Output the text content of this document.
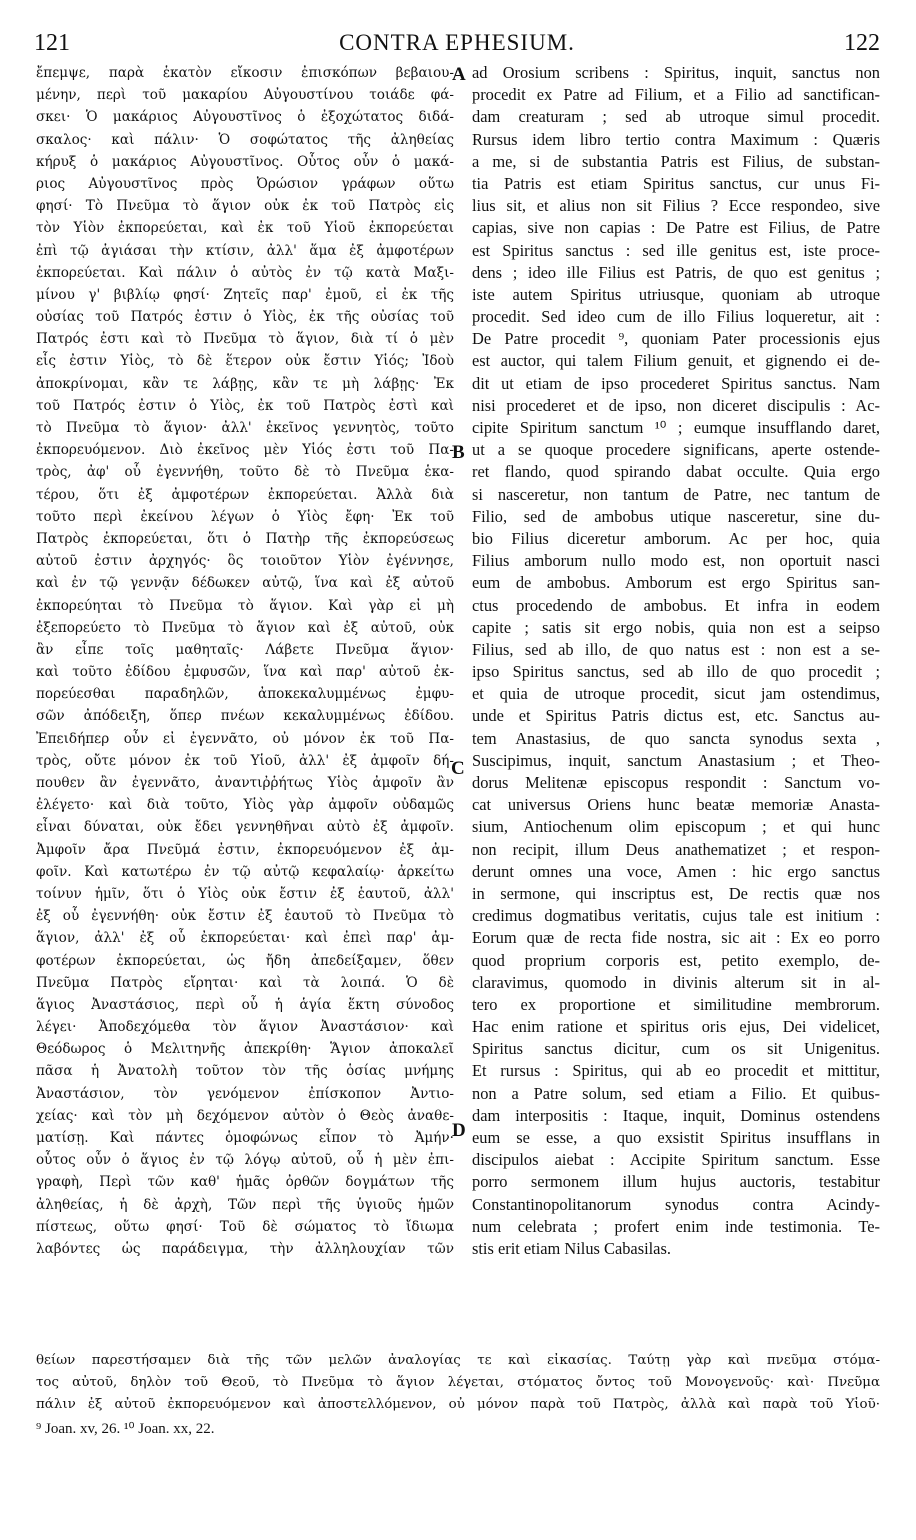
121	CONTRA EPHESIUM.	122
ἔπεμψε, παρὰ ἑκατὸν εἴκοσιν ἐπισκόπων βεβαιου-
μένην, περὶ τοῦ μακαρίου Αὐγουστίνου τοιάδε φά-
σκει· Ὁ μακάριος Αὐγουστῖνος ὁ ἐξοχώτατος διδά-
σκαλος· καὶ πάλιν· Ὁ σοφώτατος τῆς ἀληθείας
κήρυξ ὁ μακάριος Αὐγουστῖνος. Οὗτος οὖν ὁ μακά-
ριος Αὐγουστῖνος πρὸς Ὀρώσιον γράφων οὕτω
φησί· Τὸ Πνεῦμα τὸ ἅγιον οὐκ ἐκ τοῦ Πατρὸς εἰς
τὸν Υἱὸν ἐκπορεύεται, καὶ ἐκ τοῦ Υἱοῦ ἐκπορεύεται
ἐπὶ τῷ ἁγιάσαι τὴν κτίσιν, ἀλλ' ἅμα ἐξ ἀμφοτέρων
ἐκπορεύεται. Καὶ πάλιν ὁ αὐτὸς ἐν τῷ κατὰ Μαξι-
μίνου γ' βιβλίῳ φησί· Ζητεῖς παρ' ἐμοῦ, εἰ ἐκ τῆς
οὐσίας τοῦ Πατρός ἐστιν ὁ Υἱὸς, ἐκ τῆς οὐσίας τοῦ
Πατρός ἐστι καὶ τὸ Πνεῦμα τὸ ἅγιον, διὰ τί ὁ μὲν
εἷς ἐστιν Υἱὸς, τὸ δὲ ἕτερον οὐκ ἔστιν Υἱός; Ἰδοὺ
ἀποκρίνομαι, κἂν τε λάβῃς, κἂν τε μὴ λάβῃς· Ἐκ
τοῦ Πατρός ἐστιν ὁ Υἱὸς, ἐκ τοῦ Πατρὸς ἐστὶ καὶ
τὸ Πνεῦμα τὸ ἅγιον· ἀλλ' ἐκεῖνος γεννητὸς, τοῦτο
ἐκπορευόμενον. Διὸ ἐκεῖνος μὲν Υἱός ἐστι τοῦ Πα-
τρὸς, ἀφ' οὗ ἐγεννήθη, τοῦτο δὲ τὸ Πνεῦμα ἑκα-
τέρου, ὅτι ἐξ ἀμφοτέρων ἐκπορεύεται. Ἀλλὰ διὰ
τοῦτο περὶ ἐκείνου λέγων ὁ Υἱὸς ἔφη· Ἐκ τοῦ
Πατρὸς ἐκπορεύεται, ὅτι ὁ Πατὴρ τῆς ἐκπορεύσεως
αὐτοῦ ἐστιν ἀρχηγός· ὃς τοιοῦτον Υἱὸν ἐγέννησε,
καὶ ἐν τῷ γεννᾷν δέδωκεν αὐτῷ, ἵνα καὶ ἐξ αὐτοῦ
ἐκπορεύηται τὸ Πνεῦμα τὸ ἅγιον. Καὶ γὰρ εἰ μὴ
ἐξεπορεύετο τὸ Πνεῦμα τὸ ἅγιον καὶ ἐξ αὐτοῦ, οὐκ
ἂν εἶπε τοῖς μαθηταῖς· Λάβετε Πνεῦμα ἅγιον·
καὶ τοῦτο ἐδίδου ἐμφυσῶν, ἵνα καὶ παρ' αὐτοῦ ἐκ-
πορεύεσθαι παραδηλῶν, ἀποκεκαλυμμένως ἐμφυ-
σῶν ἀπόδειξη, ὅπερ πνέων κεκαλυμμένως ἐδίδου.
Ἐπειδήπερ οὖν εἰ ἐγεννᾶτο, οὐ μόνον ἐκ τοῦ Πα-
τρὸς, οὔτε μόνον ἐκ τοῦ Υἱοῦ, ἀλλ' ἐξ ἀμφοῖν δή-
πουθεν ἂν ἐγεννᾶτο, ἀναντιῤῥήτως Υἱὸς ἀμφοῖν ἂν
ἐλέγετο· καὶ διὰ τοῦτο, Υἱὸς γὰρ ἀμφοῖν οὐδαμῶς
εἶναι δύναται, οὐκ ἔδει γεννηθῆναι αὐτὸ ἐξ ἀμφοῖν.
Ἀμφοῖν ἄρα Πνεῦμά ἐστιν, ἐκπορευόμενον ἐξ ἀμ-
φοῖν. Καὶ κατωτέρω ἐν τῷ αὐτῷ κεφαλαίῳ· ἀρκείτω
τοίνυν ἡμῖν, ὅτι ὁ Υἱὸς οὐκ ἔστιν ἐξ ἑαυτοῦ, ἀλλ'
ἐξ οὗ ἐγεννήθη· οὐκ ἔστιν ἐξ ἑαυτοῦ τὸ Πνεῦμα τὸ
ἅγιον, ἀλλ' ἐξ οὗ ἐκπορεύεται· καὶ ἐπεὶ παρ' ἀμ-
φοτέρων ἐκπορεύεται, ὡς ἤδη ἀπεδείξαμεν, ὅθεν
Πνεῦμα Πατρὸς εἴρηται· καὶ τὰ λοιπά. Ὁ δὲ
ἅγιος Ἀναστάσιος, περὶ οὗ ἡ ἁγία ἕκτη σύνοδος
λέγει· Ἀποδεχόμεθα τὸν ἅγιον Ἀναστάσιον· καὶ
Θεόδωρος ὁ Μελιτηνῆς ἀπεκρίθη· Ἅγιον ἀποκαλεῖ
πᾶσα ἡ Ἀνατολὴ τοῦτον τὸν τῆς ὁσίας μνήμης
Ἀναστάσιον, τὸν γενόμενον ἐπίσκοπον Ἀντιο-
χείας· καὶ τὸν μὴ δεχόμενον αὐτὸν ὁ Θεὸς ἀναθε-
ματίσῃ. Καὶ πάντες ὁμοφώνως εἶπον τὸ Ἀμήν·
οὗτος οὖν ὁ ἅγιος ἐν τῷ λόγῳ αὐτοῦ, οὗ ἡ μὲν ἐπι-
γραφὴ, Περὶ τῶν καθ' ἡμᾶς ὀρθῶν δογμάτων τῆς
ἀληθείας, ἡ δὲ ἀρχὴ, Τῶν περὶ τῆς ὑγιοῦς ἡμῶν
πίστεως, οὕτω φησί· Τοῦ δὲ σώματος τὸ ἴδιωμα
λαβόντες ὡς παράδειγμα, τὴν ἀλληλουχίαν τῶν
ad Orosium scribens : Spiritus, inquit, sanctus non
procedit ex Patre ad Filium, et a Filio ad sanctifican-
dam creaturam ; sed ab utroque simul procedit.
Rursus idem libro tertio contra Maximum : Quæris
a me, si de substantia Patris est Filius, de substan-
tia Patris est etiam Spiritus sanctus, cur unus Fi-
lius sit, et alius non sit Filius ? Ecce respondeo, sive
capias, sive non capias : De Patre est Filius, de Patre
est Spiritus sanctus : sed ille genitus est, iste proce-
dens ; ideo ille Filius est Patris, de quo est genitus ;
iste autem Spiritus utriusque, quoniam ab utroque
procedit. Sed ideo cum de illo Filius loqueretur, ait :
De Patre procedit ⁹, quoniam Pater processionis ejus
est auctor, qui talem Filium genuit, et gignendo ei de-
dit ut etiam de ipso procederet Spiritus sanctus. Nam
nisi procederet et de ipso, non diceret discipulis : Ac-
cipite Spiritum sanctum ¹⁰ ; eumque insufflando daret,
ut a se quoque procedere significans, aperte ostende-
ret flando, quod spirando dabat occulte. Quia ergo
si nasceretur, non tantum de Patre, nec tantum de
Filio, sed de ambobus utique nasceretur, sine du-
bio Filius diceretur amborum. Ac per hoc, quia
Filius amborum nullo modo est, non oportuit nasci
eum de ambobus. Amborum est ergo Spiritus san-
ctus procedendo de ambobus. Et infra in eodem
capite ; satis sit ergo nobis, quia non est a seipso
Filius, sed ab illo, de quo natus est : non est a se-
ipso Spiritus sanctus, sed ab illo de quo procedit ;
et quia de utroque procedit, sicut jam ostendimus,
unde et Spiritus Patris dictus est, etc. Sanctus au-
tem Anastasius, de quo sancta synodus sexta ,
Suscipimus, inquit, sanctum Anastasium ; et Theo-
dorus Melitenæ episcopus respondit : Sanctum vo-
cat universus Oriens hunc beatæ memoriæ Anasta-
sium, Antiochenum olim episcopum ; et qui hunc
non recipit, illum Deus anathematizet ; et respon-
derunt omnes una voce, Amen : hic ergo sanctus
in sermone, qui inscriptus est, De rectis quæ nos
credimus dogmatibus veritatis, cujus tale est initium :
Eorum quæ de recta fide nostra, sic ait : Ex eo porro
quod proprium corporis est, petito exemplo, de-
claravimus, quomodo in divinis alterum sit in al-
tero ex proportione et similitudine membrorum.
Hac enim ratione et spiritus oris ejus, Dei videlicet,
Spiritus sanctus dicitur, cum os sit Unigenitus.
Et rursus : Spiritus, qui ab eo procedit et mittitur,
non a Patre solum, sed etiam a Filio. Et quibus-
dam interpositis : Itaque, inquit, Dominus ostendens
eum se esse, a quo exsistit Spiritus insufflans in
discipulos aiebat : Accipite Spiritum sanctum. Esse
porro sermonem illum hujus auctoris, testabitur
Constantinopolitanorum synodus contra Acindy-
num celebrata ; profert enim inde testimonia. Te-
stis erit etiam Nilus Cabasilas.
A
B
C
D
θείων παρεστήσαμεν διὰ τῆς τῶν μελῶν ἀναλογίας τε καὶ εἰκασίας. Ταύτῃ γὰρ καὶ πνεῦμα στόμα-
τος αὐτοῦ, δηλὸν τοῦ Θεοῦ, τὸ Πνεῦμα τὸ ἅγιον λέγεται, στόματος ὄντος τοῦ Μονογενοῦς· καὶ· Πνεῦμα
πάλιν ἐξ αὐτοῦ ἐκπορευόμενον καὶ ἀποστελλόμενον, οὐ μόνον παρὰ τοῦ Πατρὸς, ἀλλὰ καὶ παρὰ τοῦ Υἱοῦ·
⁹ Joan. xv, 26. ¹⁰ Joan. xx, 22.
